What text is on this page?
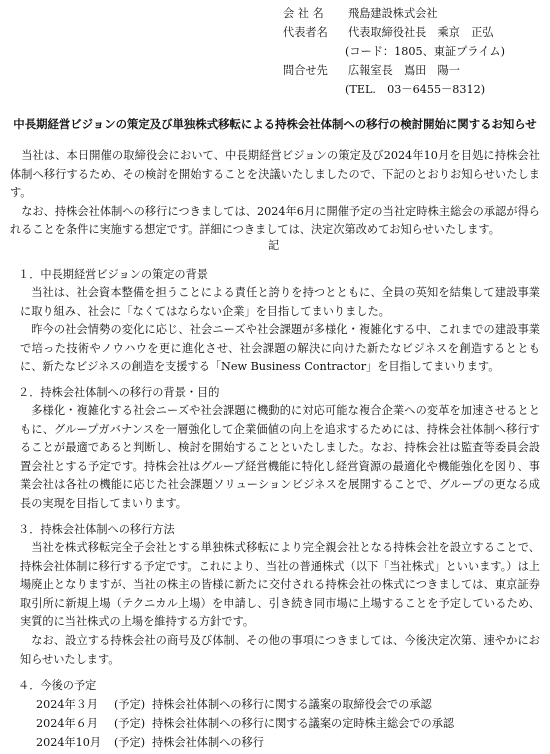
会 社 名 飛島建設株式会社
代表者名 代表取締役社長　乘京　正弘
(コード：1805、東証プライム)
問合せ先 広報室長　嶌田　陽一
(TEL.　03－6455－8312)
中長期経営ビジョンの策定及び単独株式移転による持株会社体制への移行の検討開始に関するお知らせ
当社は、本日開催の取締役会において、中長期経営ビジョンの策定及び2024年10月を目処に持株会社体制へ移行するため、その検討を開始することを決議いたしましたので、下記のとおりお知らせいたします。
なお、持株会社体制への移行につきましては、2024年6月に開催予定の当社定時株主総会の承認が得られることを条件に実施する想定です。詳細につきましては、決定次第改めてお知らせいたします。
記
１．中長期経営ビジョンの策定の背景
当社は、社会資本整備を担うことによる責任と誇りを持つとともに、全員の英知を結集して建設事業に取り組み、社会に「なくてはならない企業」を目指してまいりました。
昨今の社会情勢の変化に応じ、社会ニーズや社会課題が多様化・複雑化する中、これまでの建設事業で培った技術やノウハウを更に進化させ、社会課題の解決に向けた新たなビジネスを創造するとともに、新たなビジネスの創造を支援する「New Business Contractor」を目指してまいります。
２．持株会社体制への移行の背景・目的
多様化・複雑化する社会ニーズや社会課題に機動的に対応可能な複合企業への変革を加速させるとともに、グループガバナンスを一層強化して企業価値の向上を追求するためには、持株会社体制へ移行することが最適であると判断し、検討を開始することといたしました。なお、持株会社は監査等委員会設置会社とする予定です。持株会社はグループ経営機能に特化し経営資源の最適化や機能強化を図り、事業会社は各社の機能に応じた社会課題ソリューションビジネスを展開することで、グループの更なる成長の実現を目指してまいります。
３．持株会社体制への移行方法
当社を株式移転完全子会社とする単独株式移転により完全親会社となる持株会社を設立することで、持株会社体制に移行する予定です。これにより、当社の普通株式（以下「当社株式」といいます。）は上場廃止となりますが、当社の株主の皆様に新たに交付される持株会社の株式につきましては、東京証券取引所に新規上場（テクニカル上場）を申請し、引き続き同市場に上場することを予定しているため、実質的に当社株式の上場を維持する方針です。
なお、設立する持株会社の商号及び体制、その他の事項につきましては、今後決定次第、速やかにお知らせいたします。
４．今後の予定
2024年３月 (予定) 持株会社体制への移行に関する議案の取締役会での承認
2024年６月 (予定) 持株会社体制への移行に関する議案の定時株主総会での承認
2024年10月 (予定) 持株会社体制への移行
